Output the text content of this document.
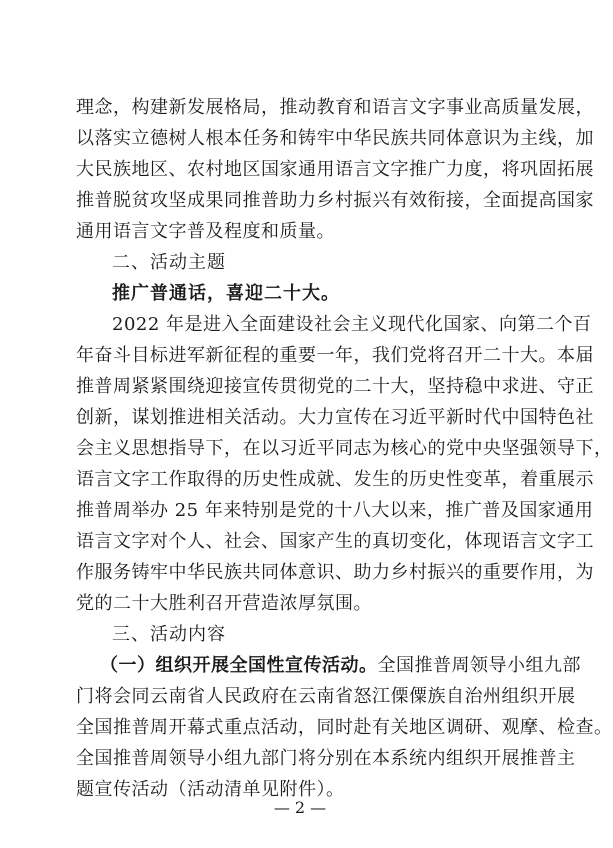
理念，构建新发展格局，推动教育和语言文字事业高质量发展，
以落实立德树人根本任务和铸牢中华民族共同体意识为主线，加
大民族地区、农村地区国家通用语言文字推广力度，将巩固拓展
推普脱贫攻坚成果同推普助力乡村振兴有效衔接，全面提高国家
通用语言文字普及程度和质量。
二、活动主题
推广普通话，喜迎二十大。
2022 年是进入全面建设社会主义现代化国家、向第二个百
年奋斗目标进军新征程的重要一年，我们党将召开二十大。本届
推普周紧紧围绕迎接宣传贯彻党的二十大，坚持稳中求进、守正
创新，谋划推进相关活动。大力宣传在习近平新时代中国特色社
会主义思想指导下，在以习近平同志为核心的党中央坚强领导下，
语言文字工作取得的历史性成就、发生的历史性变革，着重展示
推普周举办 25 年来特别是党的十八大以来，推广普及国家通用
语言文字对个人、社会、国家产生的真切变化，体现语言文字工
作服务铸牢中华民族共同体意识、助力乡村振兴的重要作用，为
党的二十大胜利召开营造浓厚氛围。
三、活动内容
（一）组织开展全国性宣传活动。全国推普周领导小组九部
门将会同云南省人民政府在云南省怒江傈僳族自治州组织开展
全国推普周开幕式重点活动，同时赴有关地区调研、观摩、检查。
全国推普周领导小组九部门将分别在本系统内组织开展推普主
题宣传活动（活动清单见附件）。
— 2 —
